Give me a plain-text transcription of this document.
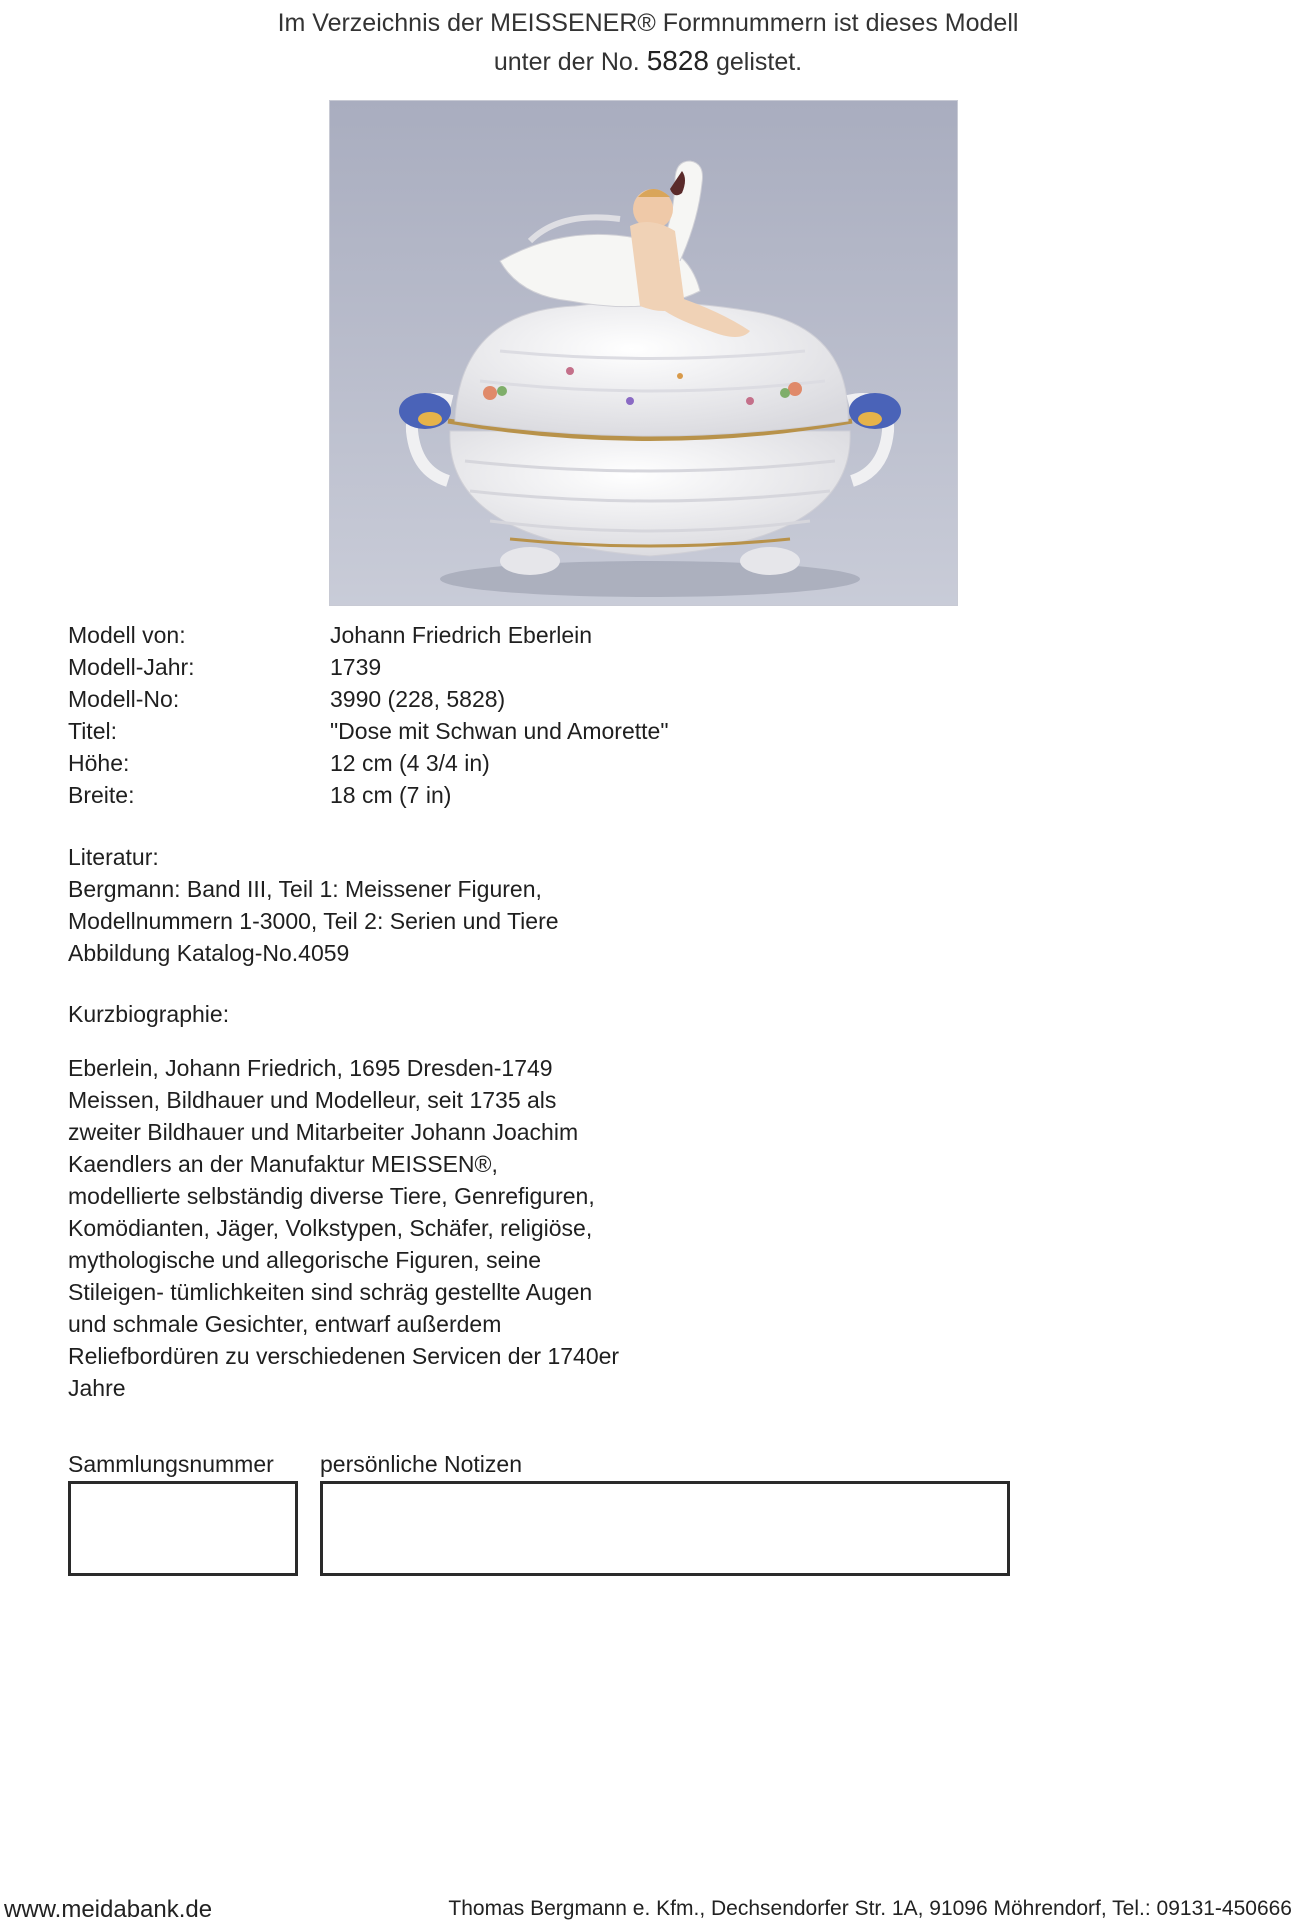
Im Verzeichnis der MEISSENER® Formnummern ist dieses Modell
unter der No. 5828 gelistet.
Modell von:	Johann Friedrich Eberlein
Modell-Jahr:	1739
Modell-No:	3990 (228, 5828)
Titel:	"Dose mit Schwan und Amorette"
Höhe:	12 cm (4 3/4 in)
Breite:	18 cm (7 in)
Literatur:
Bergmann: Band III, Teil 1: Meissener Figuren,
Modellnummern 1-3000, Teil 2: Serien und Tiere
Abbildung Katalog-No.4059
Kurzbiographie:
Eberlein, Johann Friedrich, 1695 Dresden-1749
Meissen, Bildhauer und Modelleur, seit 1735 als
zweiter Bildhauer und Mitarbeiter Johann Joachim
Kaendlers an der Manufaktur MEISSEN®,
modellierte selbständig diverse Tiere, Genrefiguren,
Komödianten, Jäger, Volkstypen, Schäfer, religiöse,
mythologische und allegorische Figuren, seine
Stileigen- tümlichkeiten sind schräg gestellte Augen
und schmale Gesichter, entwarf außerdem
Reliefbordüren zu verschiedenen Servicen der 1740er
Jahre
Sammlungsnummer persönliche Notizen
www.meidabank.de	Thomas Bergmann e. Kfm., Dechsendorfer Str. 1A, 91096 Möhrendorf, Tel.: 09131-450666
